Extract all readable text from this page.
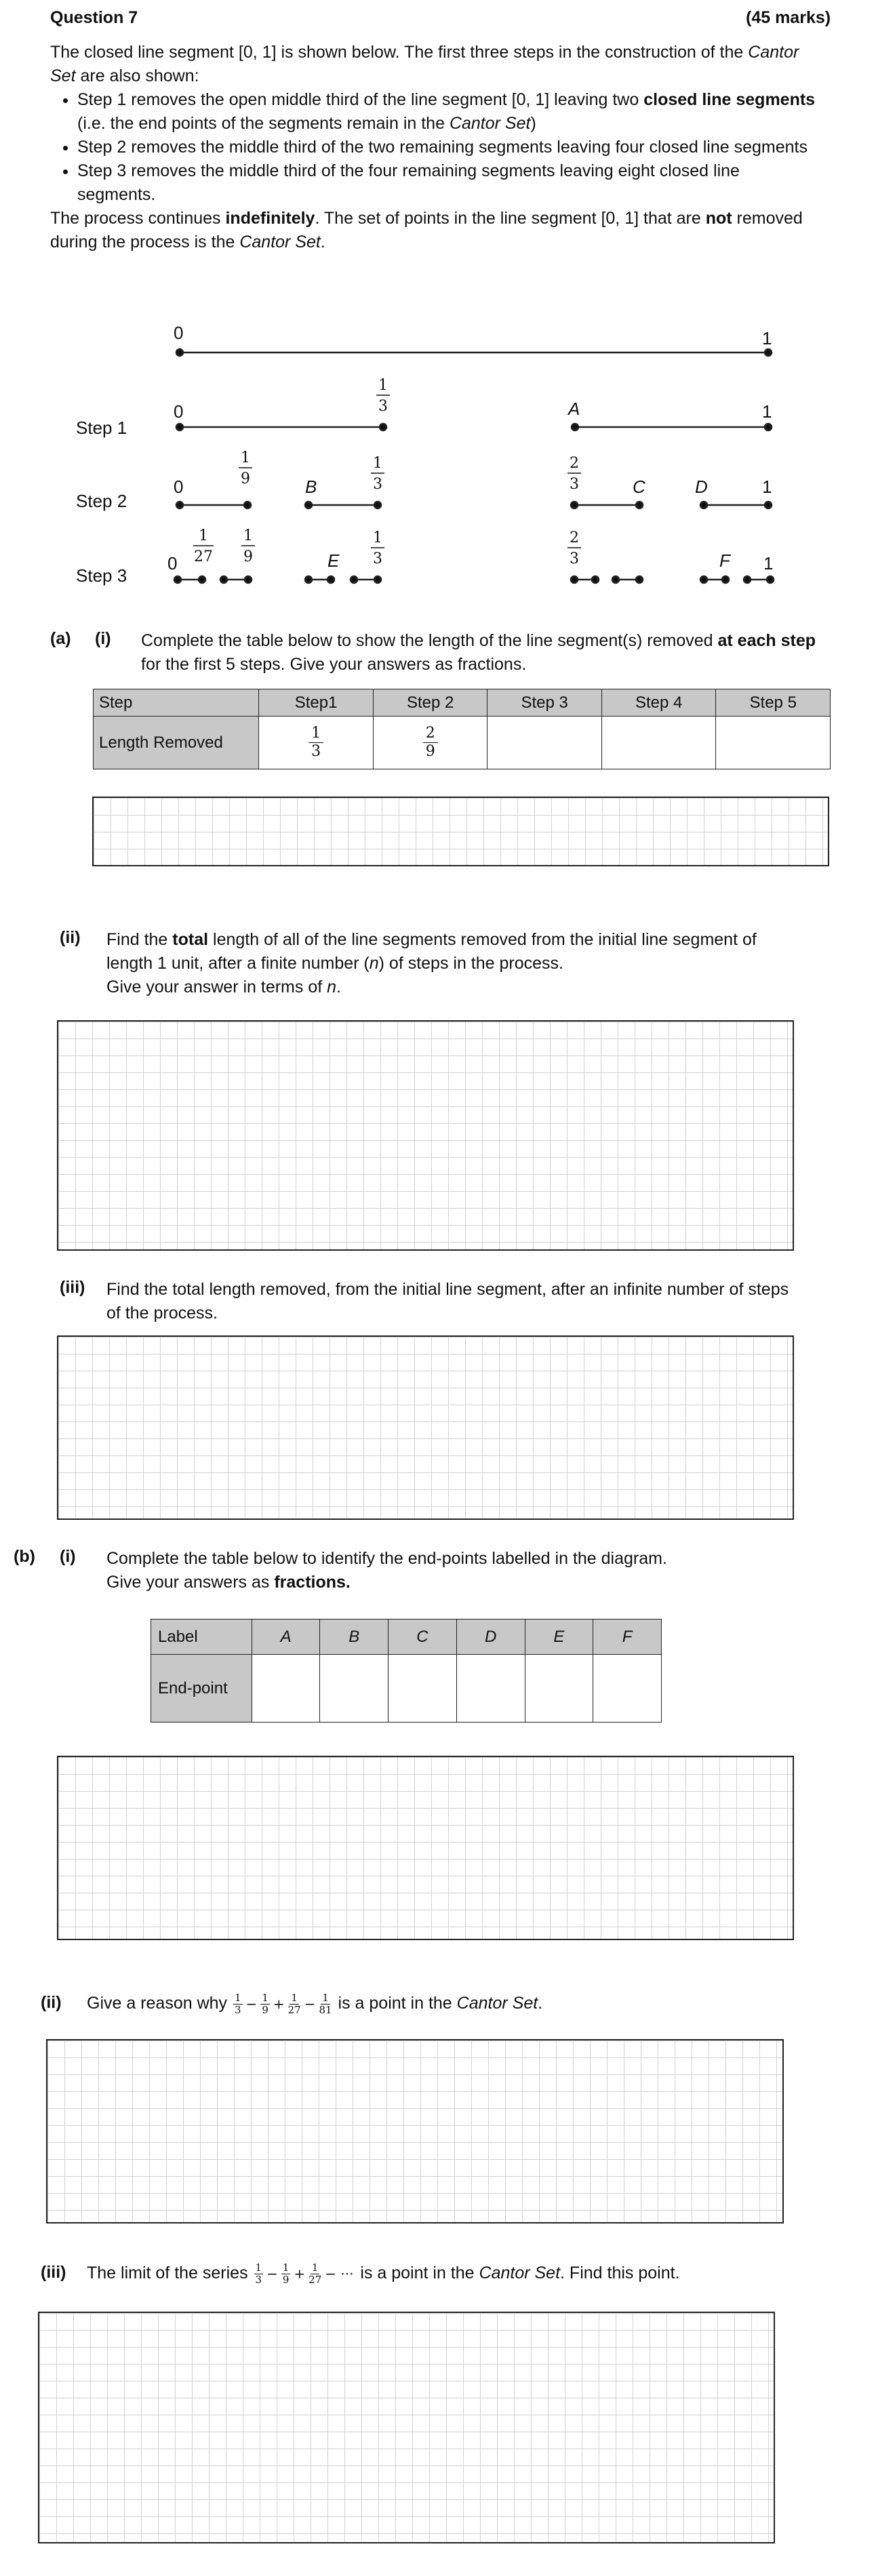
Question 7	(45 marks)

The closed line segment [0, 1] is shown below. The first three steps in the construction of the Cantor Set are also shown:

• Step 1 removes the open middle third of the line segment [0, 1] leaving two closed line segments (i.e. the end points of the segments remain in the Cantor Set)
• Step 2 removes the middle third of the two remaining segments leaving four closed line segments
• Step 3 removes the middle third of the four remaining segments leaving eight closed line segments.

The process continues indefinitely. The set of points in the line segment [0, 1] that are not removed during the process is the Cantor Set.

0	1
Step 1
0	1
A
Step 2
0	B	C	D	1
Step 3
0	E	F 1
1
3
1
9
1
3
2
3
1
27
1
9
1
3
2
3
(a) (i) Complete the table below to show the length of the line segment(s) removed at each step for the first 5 steps. Give your answers as fractions.

Step	Step1	Step 2	Step 3	Step 4	Step 5
Length Removed	$\frac{1}{3}$	$\frac{2}{9}$

(ii) Find the total length of all of the line segments removed from the initial line segment of length 1 unit, after a finite number (n) of steps in the process.

Give your answer in terms of n.

(iii) Find the total length removed, from the initial line segment, after an infinite number of steps of the process.

(b) (i) Complete the table below to identify the end-points labelled in the diagram.

Give your answers as fractions.

Label	A	B	C	D	E	F
End-point						
(ii) Give a reason why $\frac{1}{3} - \frac{1}{9} + \frac{1}{27} - \frac{1}{81}$ is a point in the Cantor Set.
(iii) The limit of the series $\frac{1}{3} - \frac{1}{9} + \frac{1}{27}$ − ··· is a point in the Cantor Set. Find this point.
